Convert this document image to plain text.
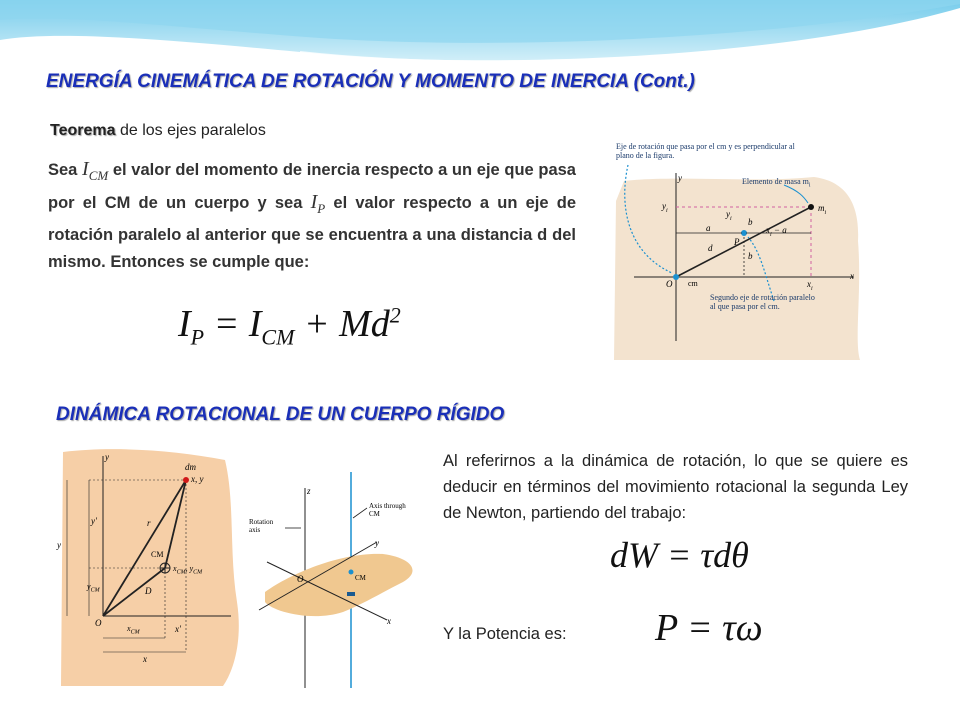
ENERGÍA CINEMÁTICA DE ROTACIÓN Y MOMENTO DE INERCIA (Cont.)
Teorema de los ejes paralelos
Sea $I_{CM}$ el valor del momento de inercia respecto a un eje que pasa por el CM de un cuerpo y sea $I_P$ el valor respecto a un eje de rotación paralelo al anterior que se encuentra a una distancia d del mismo. Entonces se cumple que:
$I_P = I_{CM} + Md^2$
Eje de rotación que pasa por el cm y es perpendicular al plano de la figura.
Elemento de masa $m_i$
Segundo eje de rotación paralelo al que pasa por el cm.
y
x
O cm
P
a
b
b
d
$y_i$
$x_i$
$x_i - a$
$y_i$
$m_i$
DINÁMICA ROTACIONAL DE UN CUERPO RÍGIDO
y
dm
x, y
y′
y
r
CM
$x_{CM}$, $y_{CM}$
D
$y_{CM}$
O
$x_{CM}$	x′
x
z
Rotation axis
Axis through CM
y
O	CM
x
Al referirnos a la dinámica de rotación, lo que se quiere es deducir en términos del movimiento rotacional la segunda Ley de Newton, partiendo del trabajo:
dW = τdθ
Y la Potencia es: P = τω
